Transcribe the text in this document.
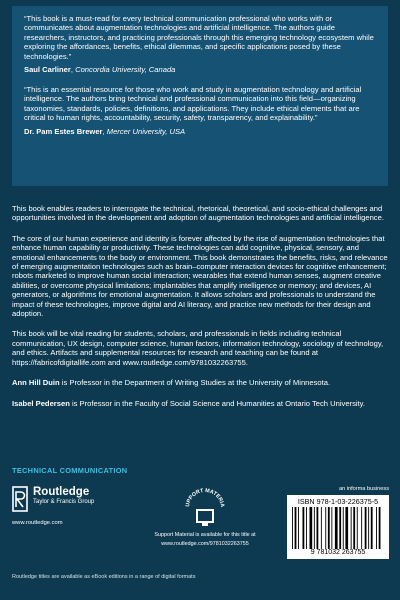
“This book is a must-read for every technical communication professional who works with or communicates about augmentation technologies and artificial intelligence. The authors guide researchers, instructors, and practicing professionals through this emerging technology ecosystem while exploring the affordances, benefits, ethical dilemmas, and specific applications posed by these technologies.”

Saul Carliner, Concordia University, Canada

“This is an essential resource for those who work and study in augmentation technology and artificial intelligence. The authors bring technical and professional communication into this field—organizing taxonomies, standards, policies, definitions, and applications. They include ethical elements that are critical to human rights, accountability, security, safety, transparency, and explainability.”

Dr. Pam Estes Brewer, Mercer University, USA

This book enables readers to interrogate the technical, rhetorical, theoretical, and socio-ethical challenges and opportunities involved in the development and adoption of augmentation technologies and artificial intelligence.

The core of our human experience and identity is forever affected by the rise of augmentation technologies that enhance human capability or productivity. These technologies can add cognitive, physical, sensory, and emotional enhancements to the body or environment. This book demonstrates the benefits, risks, and relevance of emerging augmentation technologies such as brain–computer interaction devices for cognitive enhancement; robots marketed to improve human social interaction; wearables that extend human senses, augment creative abilities, or overcome physical limitations; implantables that amplify intelligence or memory; and devices, AI generators, or algorithms for emotional augmentation. It allows scholars and professionals to understand the impact of these technologies, improve digital and AI literacy, and practice new methods for their design and adoption.

This book will be vital reading for students, scholars, and professionals in fields including technical communication, UX design, computer science, human factors, information technology, sociology of technology, and ethics. Artifacts and supplemental resources for research and teaching can be found at https://fabricofdigitallife.com and www.routledge.com/9781032263755.

Ann Hill Duin is Professor in the Department of Writing Studies at the University of Minnesota.

Isabel Pedersen is Professor in the Faculty of Social Science and Humanities at Ontario Tech University.

TECHNICAL COMMUNICATION
Routledge
Taylor & Francis Group
www.routledge.com
UPPORT MATERIA
Support Material is available for this title at
www.routledge.com/9781032263755
an informa business
ISBN 978-1-03-226375-5
9 781032 263755
Routledge titles are available as eBook editions in a range of digital formats
